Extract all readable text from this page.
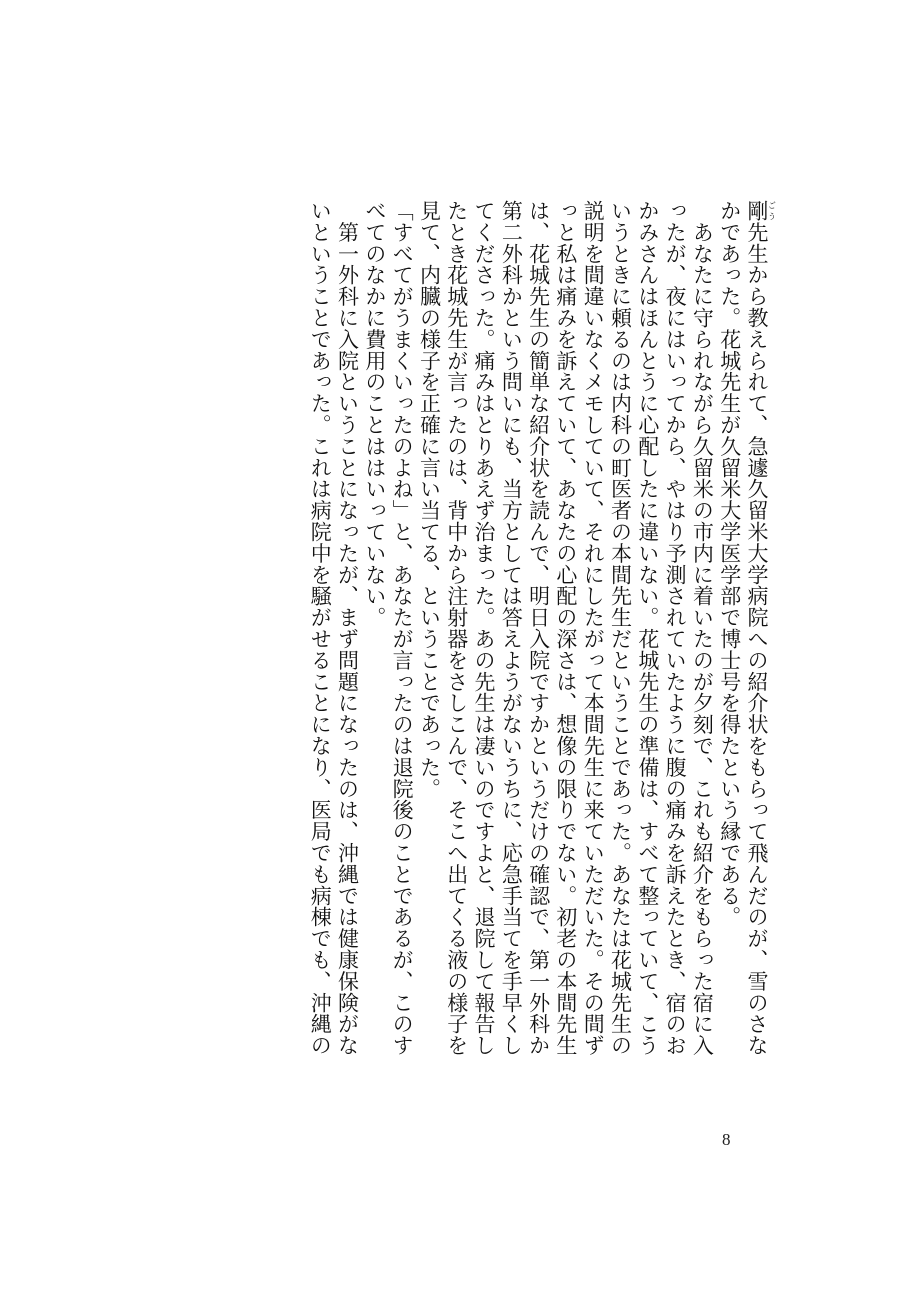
剛ごう先生から教えられて、急遽久留米大学病院への紹介状をもらって飛んだのが、雪のさな

かであった。花城先生が久留米大学医学部で博士号を得たという縁である。

　あなたに守られながら久留米の市内に着いたのが夕刻で、これも紹介をもらった宿に入

ったが、夜にはいってから、やはり予測されていたように腹の痛みを訴えたとき、宿のお

かみさんはほんとうに心配したに違いない。花城先生の準備は、すべて整っていて、こう

いうときに頼るのは内科の町医者の本間先生だということであった。あなたは花城先生の

説明を間違いなくメモしていて、それにしたがって本間先生に来ていただいた。その間ず

っと私は痛みを訴えていて、あなたの心配の深さは、想像の限りでない。初老の本間先生

は、花城先生の簡単な紹介状を読んで、明日入院ですかというだけの確認で、第一外科か

第二外科かという問いにも、当方としては答えようがないうちに、応急手当てを手早くし

てくださった。痛みはとりあえず治まった。あの先生は凄いのですよと、退院して報告し

たとき花城先生が言ったのは、背中から注射器をさしこんで、そこへ出てくる液の様子を

見て、内臓の様子を正確に言い当てる、ということであった。

「すべてがうまくいったのよね」と、あなたが言ったのは退院後のことであるが、このす

べてのなかに費用のことははいっていない。

　第一外科に入院ということになったが、まず問題になったのは、沖縄では健康保険がな

いということであった。これは病院中を騒がせることになり、医局でも病棟でも、沖縄の

8
